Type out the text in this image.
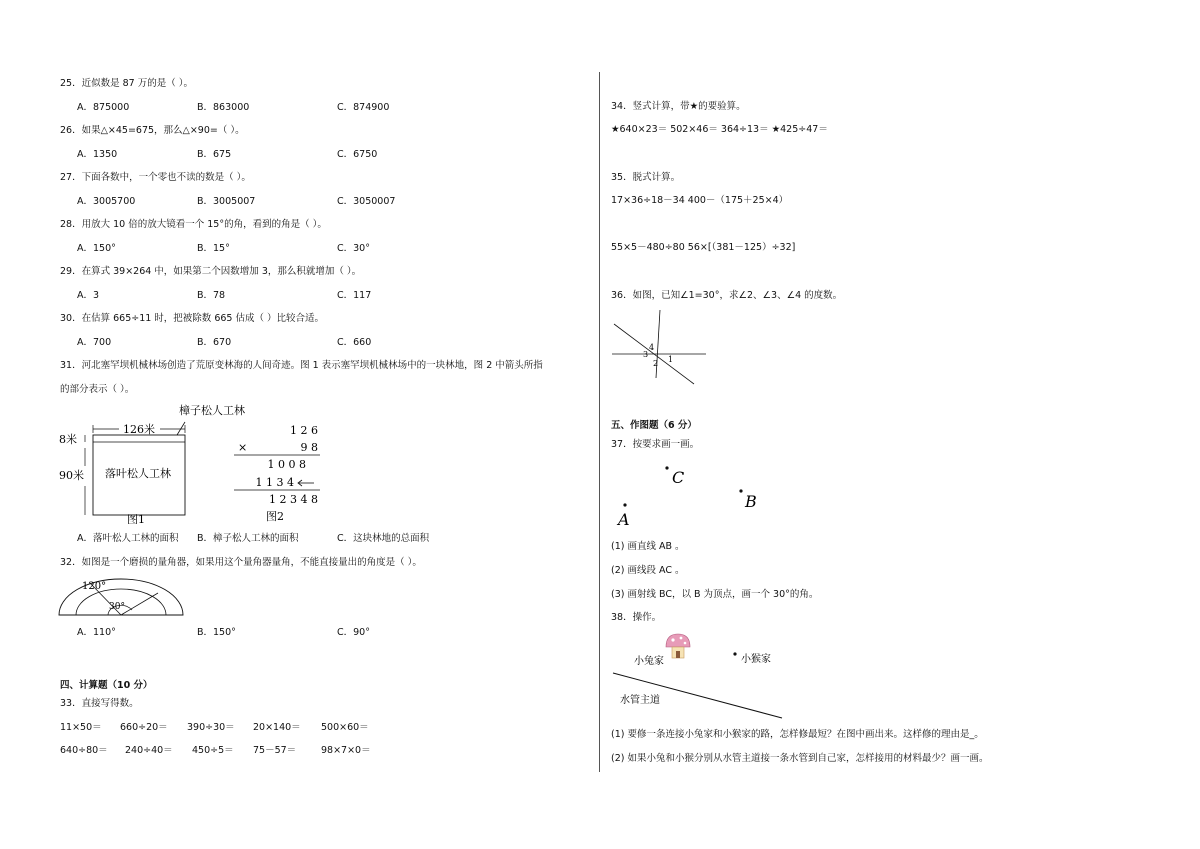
25．近似数是 87 万的是（ ）。
A．875000	B．863000	C．874900
26．如果△×45=675，那么△×90=（ ）。
A．1350	B．675	C．6750
27．下面各数中，一个零也不读的数是（ ）。
A．3005700	B．3005007	C．3050007
28．用放大 10 倍的放大镜看一个 15°的角，看到的角是（ ）。
A．150°	B．15°	C．30°
29．在算式 39×264 中，如果第二个因数增加 3，那么积就增加（ ）。
A．3	B．78	C．117
30．在估算 665÷11 时，把被除数 665 估成（ ）比较合适。
A．700	B．670	C．660
31．河北塞罕坝机械林场创造了荒原变林海的人间奇迹。图 1 表示塞罕坝机械林场中的一块林地，图 2 中箭头所指
的部分表示（ ）。
樟子松人工林
126米
8米
90米 落叶松人工林
图1
1 2 6
×	9 8
1 0 0 8
1 1 3 4
1 2 3 4 8
图2
A．落叶松人工林的面积 B．樟子松人工林的面积	C．这块林地的总面积
32．如图是一个磨损的量角器，如果用这个量角器量角，不能直接量出的角度是（ ）。
120°
30°
A．110°	B．150°	C．90°
四、计算题（10 分）
33．直接写得数。
11×50＝ 660÷20＝ 390÷30＝ 20×140＝ 500×60＝
640÷80＝ 240÷40＝ 450÷5＝ 75－57＝	98×7×0＝
34．竖式计算，带★的要验算。
★640×23＝ 502×46＝ 364÷13＝ ★425÷47＝
35．脱式计算。
17×36÷18－34 400－（175＋25×4）
55×5－480÷80 56×[（381－125）÷32]
36．如图，已知∠1=30°，求∠2、∠3、∠4 的度数。
4
3
1
2
五、作图题（6 分）
37．按要求画一画。
C
B
A
(1) 画直线 AB 。
(2) 画线段 AC 。
(3) 画射线 BC，以 B 为顶点，画一个 30°的角。
38．操作。
小兔家	小猴家
水管主道
(1) 要修一条连接小兔家和小猴家的路，怎样修最短？在图中画出来。这样修的理由是_。
(2) 如果小兔和小猴分别从水管主道接一条水管到自己家，怎样接用的材料最少？画一画。
